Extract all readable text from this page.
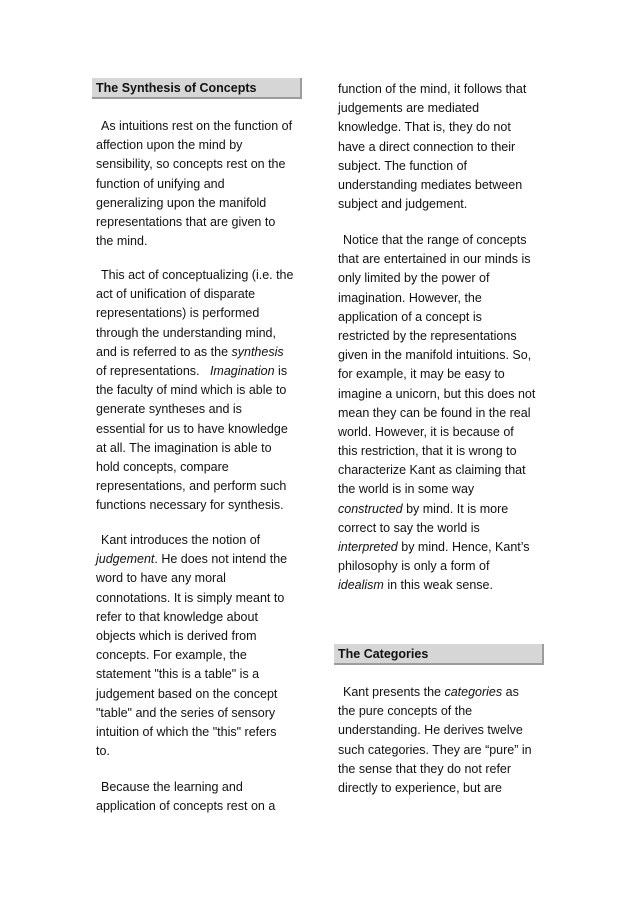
The Synthesis of Concepts
As intuitions rest on the function of
affection upon the mind by
sensibility, so concepts rest on the
function of unifying and
generalizing upon the manifold
representations that are given to
the mind.
This act of conceptualizing (i.e. the
act of unification of disparate
representations) is performed
through the understanding mind,
and is referred to as the synthesis
of representations.   Imagination is
the faculty of mind which is able to
generate syntheses and is
essential for us to have knowledge
at all. The imagination is able to
hold concepts, compare
representations, and perform such
functions necessary for synthesis.
Kant introduces the notion of
judgement. He does not intend the
word to have any moral
connotations. It is simply meant to
refer to that knowledge about
objects which is derived from
concepts. For example, the
statement "this is a table" is a
judgement based on the concept
"table" and the series of sensory
intuition of which the "this" refers
to.
Because the learning and
application of concepts rest on a
function of the mind, it follows that
judgements are mediated
knowledge. That is, they do not
have a direct connection to their
subject. The function of
understanding mediates between
subject and judgement.
Notice that the range of concepts
that are entertained in our minds is
only limited by the power of
imagination. However, the
application of a concept is
restricted by the representations
given in the manifold intuitions. So,
for example, it may be easy to
imagine a unicorn, but this does not
mean they can be found in the real
world. However, it is because of
this restriction, that it is wrong to
characterize Kant as claiming that
the world is in some way
constructed by mind. It is more
correct to say the world is
interpreted by mind. Hence, Kant’s
philosophy is only a form of
idealism in this weak sense.
The Categories
Kant presents the categories as
the pure concepts of the
understanding. He derives twelve
such categories. They are “pure” in
the sense that they do not refer
directly to experience, but are
